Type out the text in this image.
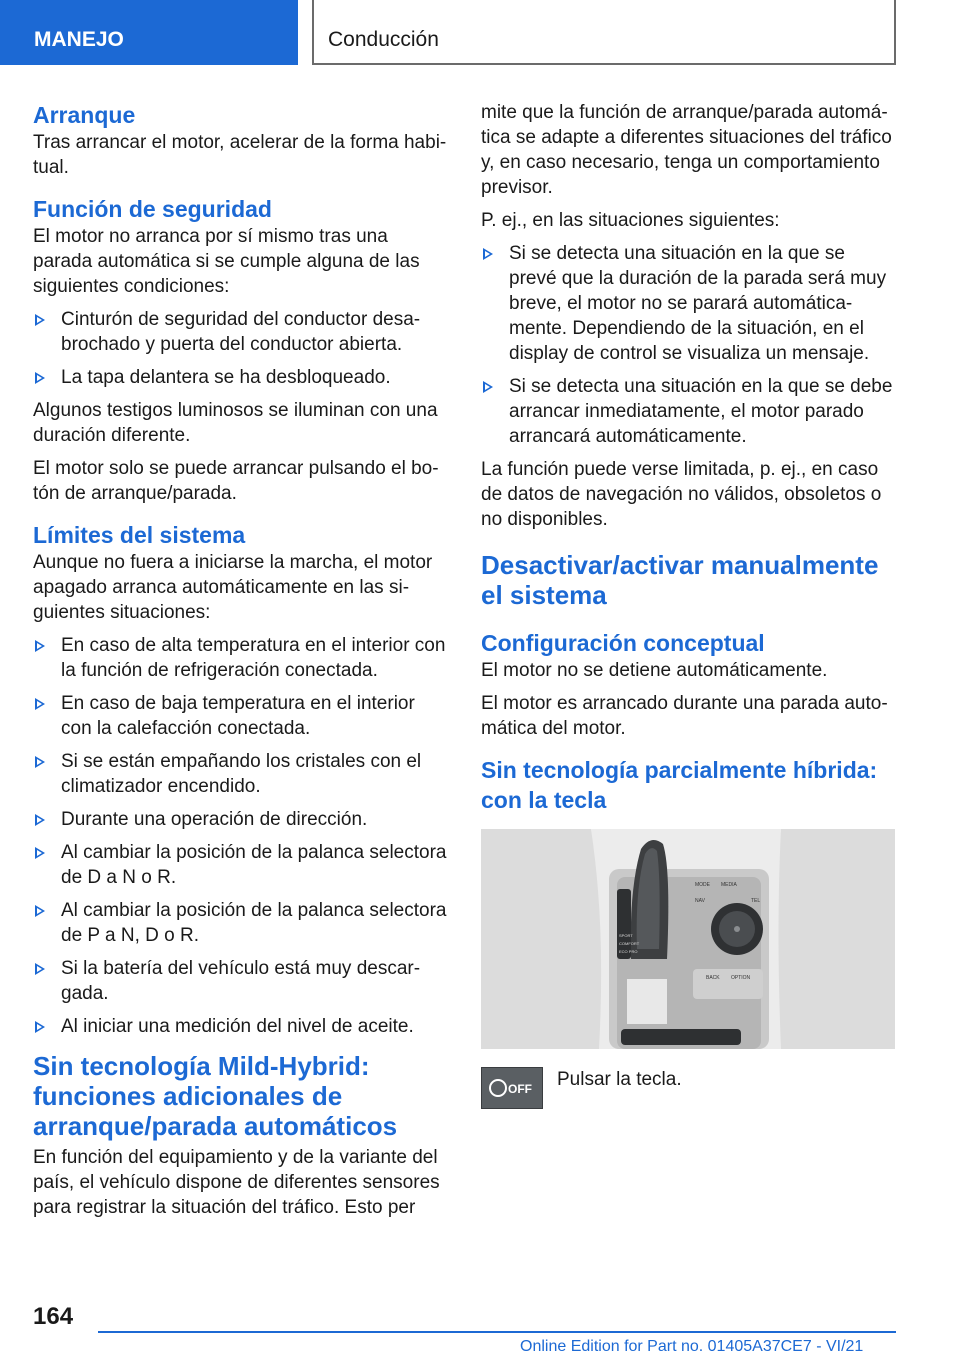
MANEJO	Conducción
Arranque
Tras arrancar el motor, acelerar de la forma habitual.
Función de seguridad
El motor no arranca por sí mismo tras una parada automática si se cumple alguna de las siguientes condiciones:
Cinturón de seguridad del conductor desabrochado y puerta del conductor abierta.
La tapa delantera se ha desbloqueado.
Algunos testigos luminosos se iluminan con una duración diferente.
El motor solo se puede arrancar pulsando el botón de arranque/parada.
Límites del sistema
Aunque no fuera a iniciarse la marcha, el motor apagado arranca automáticamente en las siguientes situaciones:
En caso de alta temperatura en el interior con la función de refrigeración conectada.
En caso de baja temperatura en el interior con la calefacción conectada.
Si se están empañando los cristales con el climatizador encendido.
Durante una operación de dirección.
Al cambiar la posición de la palanca selectora de D a N o R.
Al cambiar la posición de la palanca selectora de P a N, D o R.
Si la batería del vehículo está muy descargada.
Al iniciar una medición del nivel de aceite.
Sin tecnología Mild-Hybrid: funciones adicionales de arranque/parada automáticos
En función del equipamiento y de la variante del país, el vehículo dispone de diferentes sensores para registrar la situación del tráfico. Esto per
mite que la función de arranque/parada automática se adapte a diferentes situaciones del tráfico y, en caso necesario, tenga un comportamiento previsor.
P. ej., en las situaciones siguientes:
Si se detecta una situación en la que se prevé que la duración de la parada será muy breve, el motor no se parará automáticamente. Dependiendo de la situación, en el display de control se visualiza un mensaje.
Si se detecta una situación en la que se debe arrancar inmediatamente, el motor parado arrancará automáticamente.
La función puede verse limitada, p. ej., en caso de datos de navegación no válidos, obsoletos o no disponibles.
Desactivar/activar manualmente el sistema
Configuración conceptual
El motor no se detiene automáticamente.
El motor es arrancado durante una parada automática del motor.
Sin tecnología parcialmente híbrida: con la tecla
MODE
NAV	TEL
MEDIA
BACK OPTION
SPORT
COMFORT
ECO PRO
OFF Pulsar la tecla.
164
Online Edition for Part no. 01405A37CE7 - VI/21
